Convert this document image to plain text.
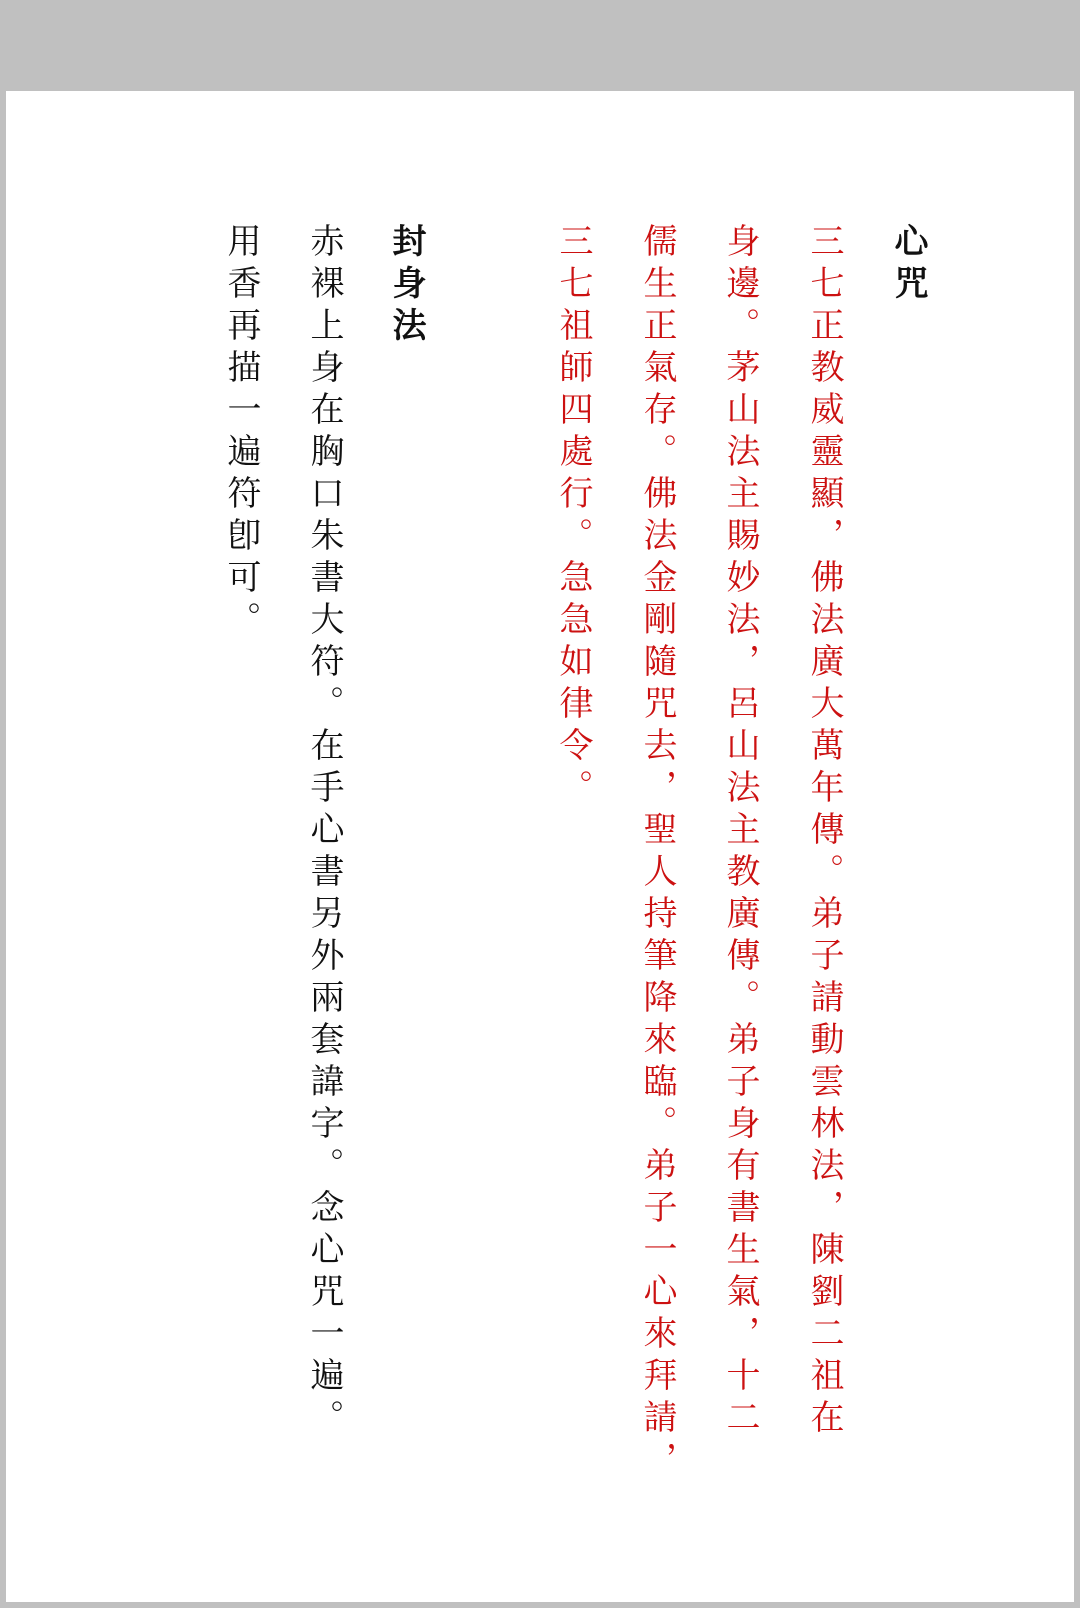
心咒
三七正教威靈顯，佛法廣大萬年傳。弟子請動雲林法，陳劉二祖在
身邊。茅山法主賜妙法，呂山法主教廣傳。弟子身有書生氣，十二
儒生正氣存。佛法金剛隨咒去，聖人持筆降來臨。弟子一心來拜請，
三七祖師四處行。急急如律令。
封身法
赤裸上身在胸口朱書大符。在手心書另外兩套諱字。念心咒一遍。
用香再描一遍符卽可。
